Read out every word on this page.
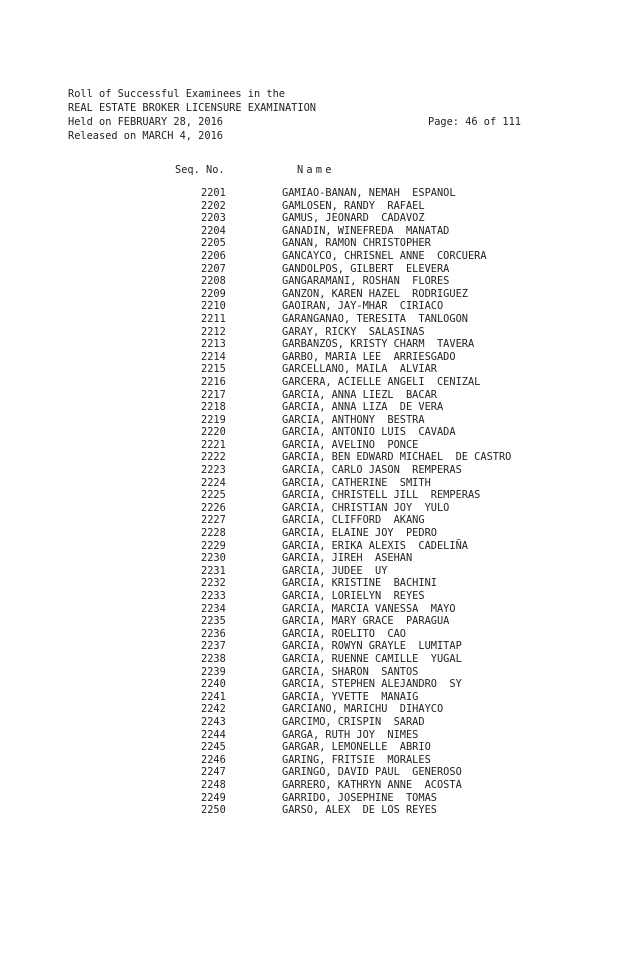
Roll of Successful Examinees in the
REAL ESTATE BROKER LICENSURE EXAMINATION
Held on FEBRUARY 28, 2016	Page: 46 of 111
Released on MARCH 4, 2016
Seq. No.	Name
2201	GAMIAO-BANAN, NEMAH  ESPANOL
2202	GAMLOSEN, RANDY  RAFAEL
2203	GAMUS, JEONARD  CADAVOZ
2204	GANADIN, WINEFREDA  MANATAD
2205	GANAN, RAMON CHRISTOPHER
2206	GANCAYCO, CHRISNEL ANNE  CORCUERA
2207	GANDOLPOS, GILBERT  ELEVERA
2208	GANGARAMANI, ROSHAN  FLORES
2209	GANZON, KAREN HAZEL  RODRIGUEZ
2210	GAOIRAN, JAY-MHAR  CIRIACO
2211	GARANGANAO, TERESITA  TANLOGON
2212	GARAY, RICKY  SALASINAS
2213	GARBANZOS, KRISTY CHARM  TAVERA
2214	GARBO, MARIA LEE  ARRIESGADO
2215	GARCELLANO, MAILA  ALVIAR
2216	GARCERA, ACIELLE ANGELI  CENIZAL
2217	GARCIA, ANNA LIEZL  BACAR
2218	GARCIA, ANNA LIZA  DE VERA
2219	GARCIA, ANTHONY  BESTRA
2220	GARCIA, ANTONIO LUIS  CAVADA
2221	GARCIA, AVELINO  PONCE
2222	GARCIA, BEN EDWARD MICHAEL  DE CASTRO
2223	GARCIA, CARLO JASON  REMPERAS
2224	GARCIA, CATHERINE  SMITH
2225	GARCIA, CHRISTELL JILL  REMPERAS
2226	GARCIA, CHRISTIAN JOY  YULO
2227	GARCIA, CLIFFORD  AKANG
2228	GARCIA, ELAINE JOY  PEDRO
2229	GARCIA, ERIKA ALEXIS  CADELIÑA
2230	GARCIA, JIREH  ASEHAN
2231	GARCIA, JUDEE  UY
2232	GARCIA, KRISTINE  BACHINI
2233	GARCIA, LORIELYN  REYES
2234	GARCIA, MARCIA VANESSA  MAYO
2235	GARCIA, MARY GRACE  PARAGUA
2236	GARCIA, ROELITO  CAO
2237	GARCIA, ROWYN GRAYLE  LUMITAP
2238	GARCIA, RUENNE CAMILLE  YUGAL
2239	GARCIA, SHARON  SANTOS
2240	GARCIA, STEPHEN ALEJANDRO  SY
2241	GARCIA, YVETTE  MANAIG
2242	GARCIANO, MARICHU  DIHAYCO
2243	GARCIMO, CRISPIN  SARAD
2244	GARGA, RUTH JOY  NIMES
2245	GARGAR, LEMONELLE  ABRIO
2246	GARING, FRITSIE  MORALES
2247	GARINGO, DAVID PAUL  GENEROSO
2248	GARRERO, KATHRYN ANNE  ACOSTA
2249	GARRIDO, JOSEPHINE  TOMAS
2250	GARSO, ALEX  DE LOS REYES
